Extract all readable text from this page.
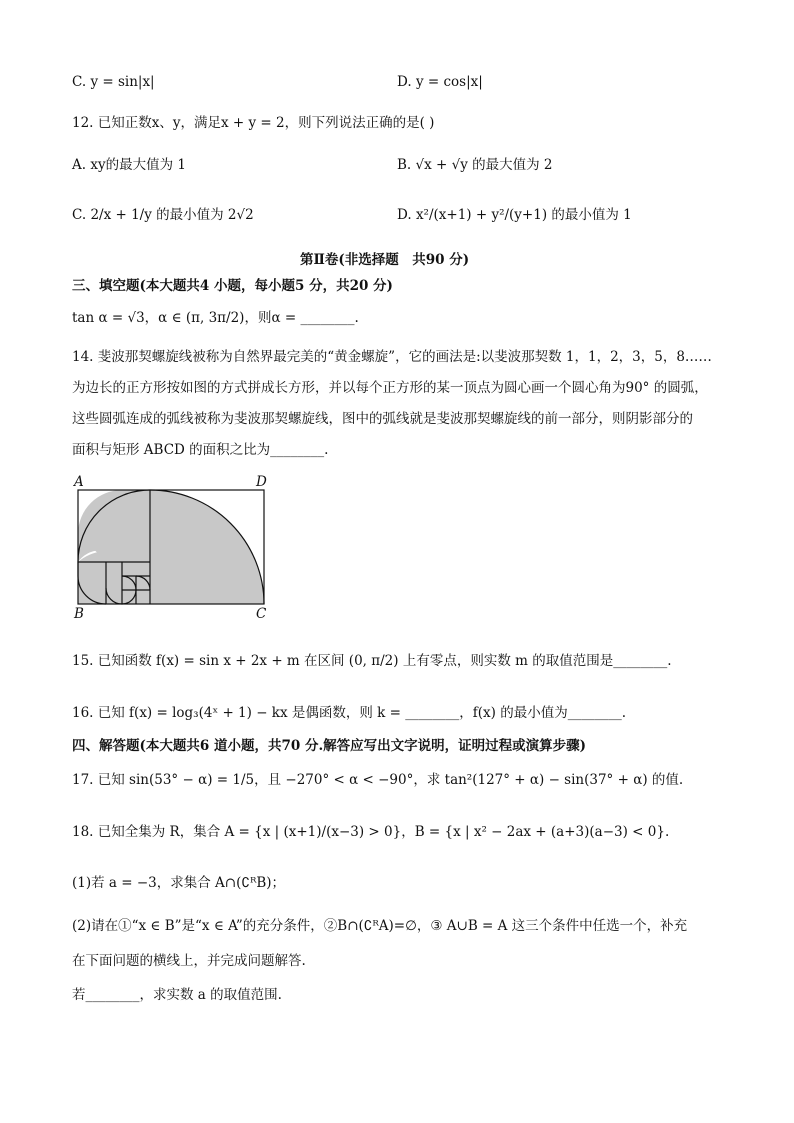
C. y = sin|x|	D. y = cos|x|
12. 已知正数x、y，满足x + y = 2，则下列说法正确的是( )
A. xy的最大值为 1	B. √x + √y 的最大值为 2
C. 2/x + 1/y 的最小值为 2√2	D. x²/(x+1) + y²/(y+1) 的最小值为 1
第Ⅱ卷(非选择题　共90 分)
三、填空题(本大题共4 小题，每小题5 分，共20 分)
tan α = √3，α ∈ (π, 3π/2)，则α = ________.
14. 斐波那契螺旋线被称为自然界最完美的“黄金螺旋”，它的画法是:以斐波那契数 1，1，2，3，5，8……
为边长的正方形按如图的方式拼成长方形，并以每个正方形的某一顶点为圆心画一个圆心角为90° 的圆弧，
这些圆弧连成的弧线被称为斐波那契螺旋线，图中的弧线就是斐波那契螺旋线的前一部分，则阴影部分的
面积与矩形 ABCD 的面积之比为________.
A	D
B	C
15. 已知函数 f(x) = sin x + 2x + m 在区间 (0, π/2) 上有零点，则实数 m 的取值范围是________.
16. 已知 f(x) = log₃(4ˣ + 1) − kx 是偶函数，则 k = ________，f(x) 的最小值为________.
四、解答题(本大题共6 道小题，共70 分.解答应写出文字说明，证明过程或演算步骤)
17. 已知 sin(53° − α) = 1/5，且 −270° < α < −90°，求 tan²(127° + α) − sin(37° + α) 的值.
18. 已知全集为 R，集合 A = {x | (x+1)/(x−3) > 0}，B = {x | x² − 2ax + (a+3)(a−3) < 0}.
(1)若 a = −3，求集合 A∩(∁ᴿB)；
(2)请在①“x ∈ B”是“x ∈ A”的充分条件，②B∩(∁ᴿA)=∅，③ A∪B = A 这三个条件中任选一个，补充
在下面问题的横线上，并完成问题解答.
若________，求实数 a 的取值范围.
